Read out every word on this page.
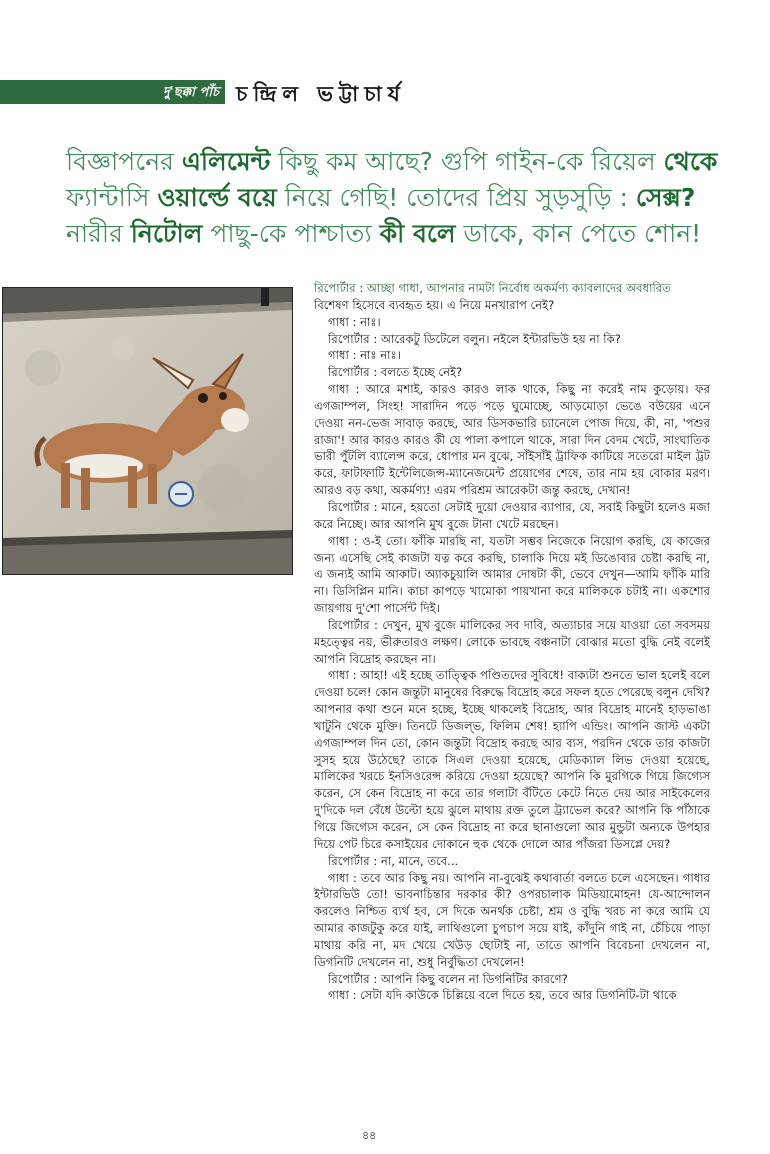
দু'ছক্কা পাঁচ চন্দ্রিল ভট্টাচার্য
বিজ্ঞাপনের এলিমেন্ট কিছু কম আছে? গুপি গাইন-কে রিয়েল থেকে
ফ্যান্টাসি ওয়ার্ল্ডে বয়ে নিয়ে গেছি! তোদের প্রিয় সুড়সুড়ি : সেক্স?
নারীর নিটোল পাছু-কে পাশ্চাত্য কী বলে ডাকে, কান পেতে শোন!

রিপোর্টার : আচ্ছা গাধা, আপনার নামটা নির্বোধ অকর্মণ্য ক্যাবলাদের অবধারিত

বিশেষণ হিসেবে ব্যবহৃত হয়। এ নিয়ে মনখারাপ নেই?

গাধা : নাঃ।

রিপোর্টার : আরেকটু ডিটেলে বলুন। নইলে ইন্টারভিউ হয় না কি?

গাধা : নাঃ নাঃ।

রিপোর্টার : বলতে ইচ্ছে নেই?

গাধা : আরে মশাই, কারও কারও লাক থাকে, কিছু না করেই নাম কুড়োয়। ফর এগজাম্পল, সিংহ! সারাদিন পড়ে পড়ে ঘুমোচ্ছে, আড়মোড়া ভেঙে বউয়ের এনে দেওয়া নন-ভেজ সাবাড় করছে, আর ডিসকভারি চ্যানেলে পোজ দিয়ে, কী, না, 'পশুর রাজা'! আর কারও কারও কী যে পালা কপালে থাকে, সারা দিন বেদম খেটে, সাংঘাতিক ভারী পুঁটলি ব্যালেন্স করে, ধোপার মন বুঝে, সাঁইসাঁই ট্রাফিক কাটিয়ে সতেরো মাইল ট্রট করে, ফাটাফাটি ইন্টেলিজেন্স-ম্যানেজমেন্ট প্রয়োগের শেষে, তার নাম হয় বোকার মরণ। আরও বড় কথা, অকর্মণ্য! এরম পরিশ্রম আরেকটা জন্তু করছে, দেখান!

রিপোর্টার : মানে, হয়তো সেটাই দুয়ো দেওয়ার ব্যাপার, যে, সবাই কিছুটা হলেও মজা করে নিচ্ছে। আর আপনি মুখ বুজে টানা খেটে মরছেন।

গাধা : ও-ই তো। ফাঁকি মারছি না, যতটা সম্ভব নিজেকে নিয়োগ করছি, যে কাজের জন্য এসেছি সেই কাজটা যত্ন করে করছি, চালাকি দিয়ে মই ডিঙোবার চেষ্টা করছি না, এ জন্যই আমি আকাট। অ্যাকচুয়ালি আমার দোষটা কী, ভেবে দেখুন—আমি ফাঁকি মারি না। ডিসিপ্লিন মানি। কাচা কাপড়ে খামোকা পায়খানা করে মালিককে চটাই না। একশোর জায়গায় দু'শো পার্সেন্ট দিই।

রিপোর্টার : দেখুন, মুখ বুজে মালিকের সব দাবি, অত্যাচার সয়ে যাওয়া তো সবসময় মহত্ত্বের নয়, ভীরুতারও লক্ষণ। লোকে ভাবছে বঞ্চনাটা বোঝার মতো বুদ্ধি নেই বলেই আপনি বিদ্রোহ করছেন না।

গাধা : আহা! এই হচ্ছে তাত্ত্বিক পণ্ডিতদের সুবিধে! বাক্যটা শুনতে ভাল হলেই বলে দেওয়া চলে! কোন জন্তুটা মানুষের বিরুদ্ধে বিদ্রোহ করে সফল হতে পেরেছে বলুন দেখি? আপনার কথা শুনে মনে হচ্ছে, ইচ্ছে থাকলেই বিদ্রোহ, আর বিদ্রোহ মানেই হাড়ভাঙা খাটুনি থেকে মুক্তি। তিনটে ডিজল্ভ, ফিলিম শেষ! হ্যাপি এন্ডিং। আপনি জাস্ট একটা এগজাম্পল দিন তো, কোন জন্তুটা বিদ্রোহ করছে আর ব্যস, পরদিন থেকে তার কাজটা সুসহ হয়ে উঠেছে? তাকে সিএল দেওয়া হয়েছে, মেডিক্যাল লিভ দেওয়া হয়েছে, মালিকের খরচে ইনসিওরেন্স করিয়ে দেওয়া হয়েছে? আপনি কি মুরগিকে গিয়ে জিগ্যেস করেন, সে কেন বিদ্রোহ না করে তার গলাটা বঁটিতে কেটে নিতে দেয় আর সাইকেলের দু'দিকে দল বেঁধে উল্টো হয়ে ঝুলে মাথায় রক্ত তুলে ট্র্যাভেল করে? আপনি কি পাঁঠাকে গিয়ে জিগ্যেস করেন, সে কেন বিদ্রোহ না করে ছানাগুলো আর মুন্ডুটা অন্যকে উপহার দিয়ে পেট চিরে কসাইয়ের দোকানে হুক থেকে দোলে আর পাঁজরা ডিসপ্লে দেয়?

রিপোর্টার : না, মানে, তবে...

গাধা : তবে আর কিছু নয়। আপনি না-বুঝেই কথাবার্তা বলতে চলে এসেছেন। গাধার ইন্টারভিউ তো! ভাবনাচিন্তার দরকার কী? ওপরচালাক মিডিয়ামোহন! যে-আন্দোলন করলেও নিশ্চিত ব্যর্থ হব, সে দিকে অনর্থক চেষ্টা, শ্রম ও বুদ্ধি খরচ না করে আমি যে আমার কাজটুকু করে যাই, লাথিগুলো চুপচাপ সয়ে যাই, কাঁদুনি গাই না, চেঁচিয়ে পাড়া মাথায় করি না, মদ খেয়ে খেউড় ছোটাই না, তাতে আপনি বিবেচনা দেখলেন না, ডিগনিটি দেখলেন না, শুধু নির্বুদ্ধিতা দেখলেন!

রিপোর্টার : আপনি কিছু বলেন না ডিগনিটির কারণে?

গাধা : সেটা যদি কাউকে চিল্লিয়ে বলে দিতে হয়, তবে আর ডিগনিটি-টা থাকে

৪৪
